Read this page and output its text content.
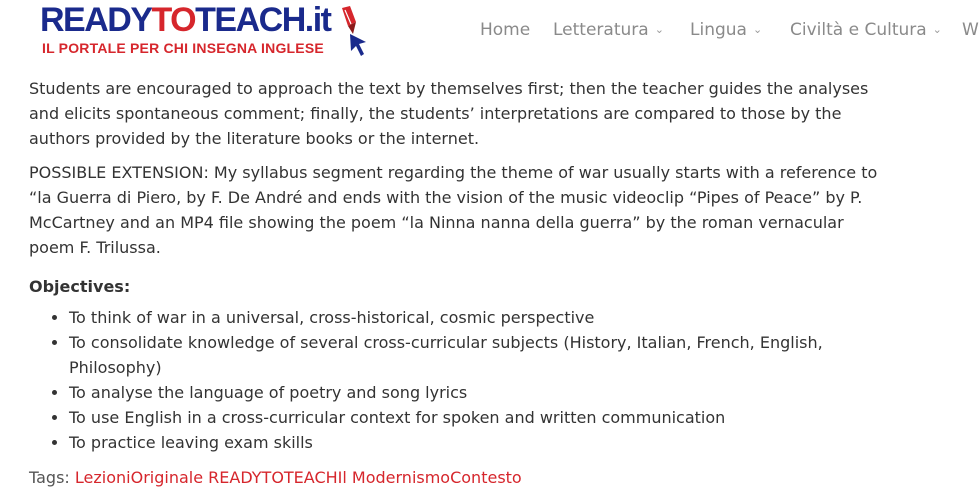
READYTOTEACH.it
IL PORTALE PER CHI INSEGNA INGLESE
Home Letteratura ⌄ Lingua ⌄ Civiltà e Cultura ⌄ W

Students are encouraged to approach the text by themselves first; then the teacher guides the analyses and elicits spontaneous comment; finally, the students’ interpretations are compared to those by the authors provided by the literature books or the internet.

POSSIBLE EXTENSION: My syllabus segment regarding the theme of war usually starts with a reference to “la Guerra di Piero, by F. De André and ends with the vision of the music videoclip “Pipes of Peace” by P. McCartney and an MP4 file showing the poem “la Ninna nanna della guerra” by the roman vernacular poem F. Trilussa.

Objectives:
• To think of war in a universal, cross-historical, cosmic perspective
• To consolidate knowledge of several cross-curricular subjects (History, Italian, French, English, Philosophy)
• To analyse the language of poetry and song lyrics
• To use English in a cross-curricular context for spoken and written communication
• To practice leaving exam skills
Tags: LezioniOriginale READYTOTEACHIl ModernismoContesto
